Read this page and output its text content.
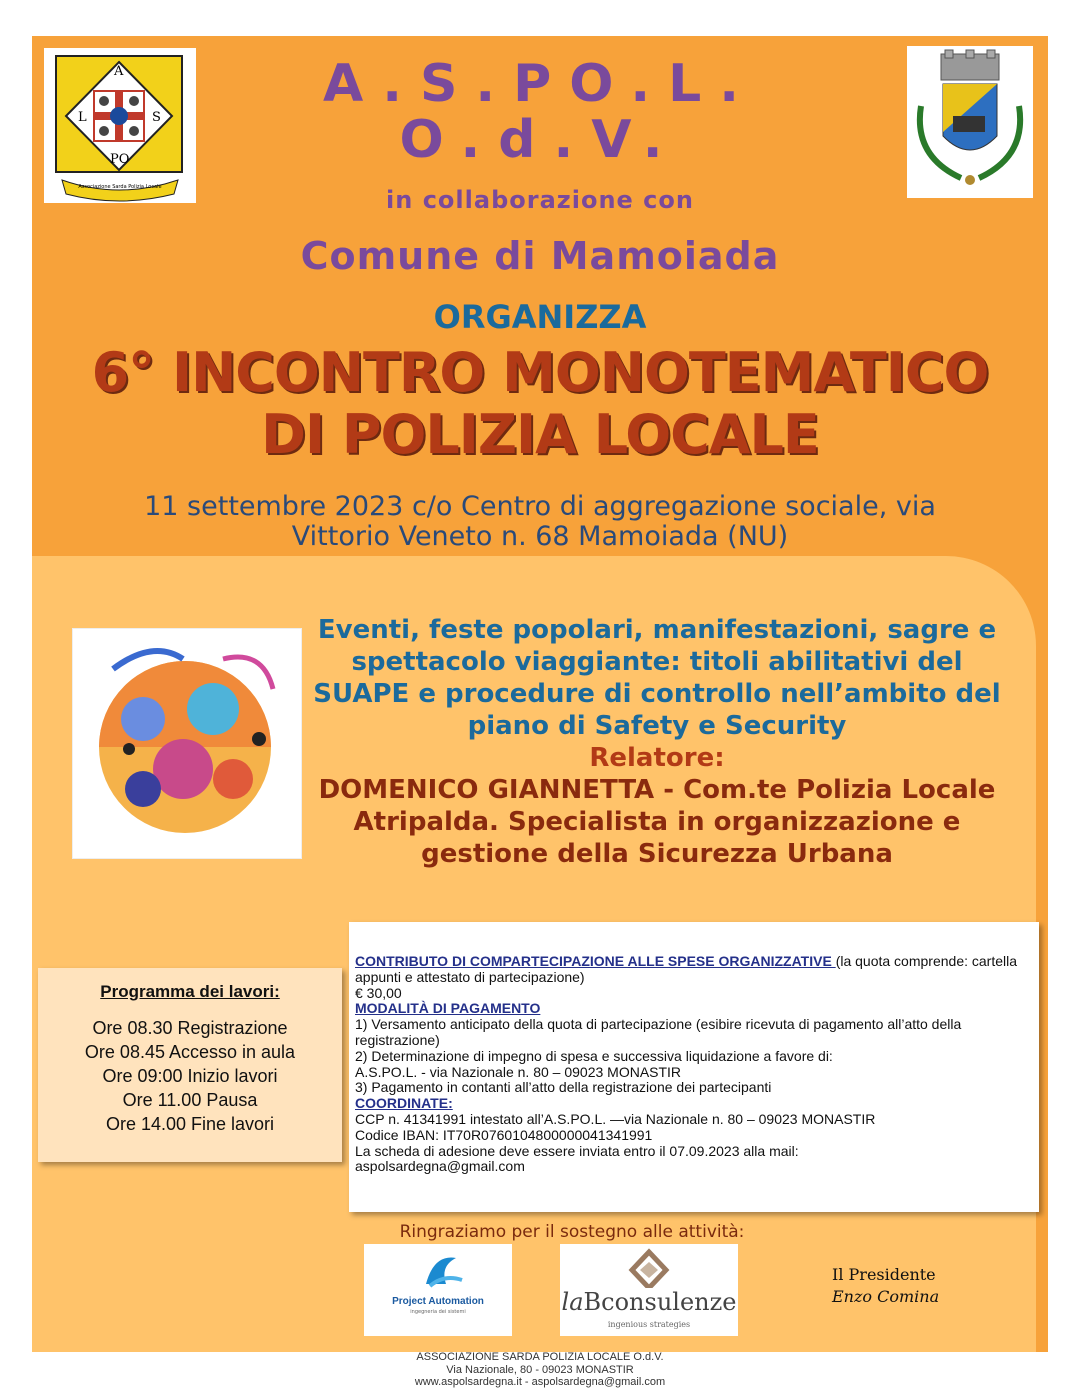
A
L	S
PO
Associazione Sarda Polizia Locale
A.S.PO.L.
O.d.V.
in collaborazione con
Comune di Mamoiada
ORGANIZZA
6° INCONTRO MONOTEMATICO
DI POLIZIA LOCALE
11 settembre 2023 c/o Centro di aggregazione sociale, via
Vittorio Veneto n. 68 Mamoiada (NU)
Eventi, feste popolari, manifestazioni, sagre e spettacolo viaggiante: titoli abilitativi del SUAPE e procedure di controllo nell’ambito del piano di Safety e Security
Relatore:
DOMENICO GIANNETTA - Com.te Polizia Locale Atripalda. Specialista in organizzazione e gestione della Sicurezza Urbana
Programma dei lavori:
Ore 08.30 Registrazione
Ore 08.45 Accesso in aula
Ore 09:00 Inizio lavori
Ore 11.00 Pausa
Ore 14.00 Fine lavori
CONTRIBUTO DI COMPARTECIPAZIONE ALLE SPESE ORGANIZZATIVE (la quota comprende: cartella appunti e attestato di partecipazione)
€ 30,00
MODALITÀ DI PAGAMENTO
1) Versamento anticipato della quota di partecipazione (esibire ricevuta di pagamento all’atto della registrazione)
2) Determinazione di impegno di spesa e successiva liquidazione a favore di:
A.S.PO.L. - via Nazionale n. 80 – 09023 MONASTIR
3) Pagamento in contanti all’atto della registrazione dei partecipanti
COORDINATE:
CCP n. 41341991 intestato all’A.S.PO.L. —via Nazionale n. 80 – 09023 MONASTIR
Codice IBAN: IT70R0760104800000041341991
La scheda di adesione deve essere inviata entro il 07.09.2023 alla mail:
aspolsardegna@gmail.com
Ringraziamo per il sostegno alle attività:
Project Automation
ingegneria dei sistemi	laBconsulenze
ingenious strategies
Il Presidente
Enzo Comina
ASSOCIAZIONE SARDA POLIZIA LOCALE O.d.V.
Via Nazionale, 80 - 09023 MONASTIR
www.aspolsardegna.it - aspolsardegna@gmail.com
